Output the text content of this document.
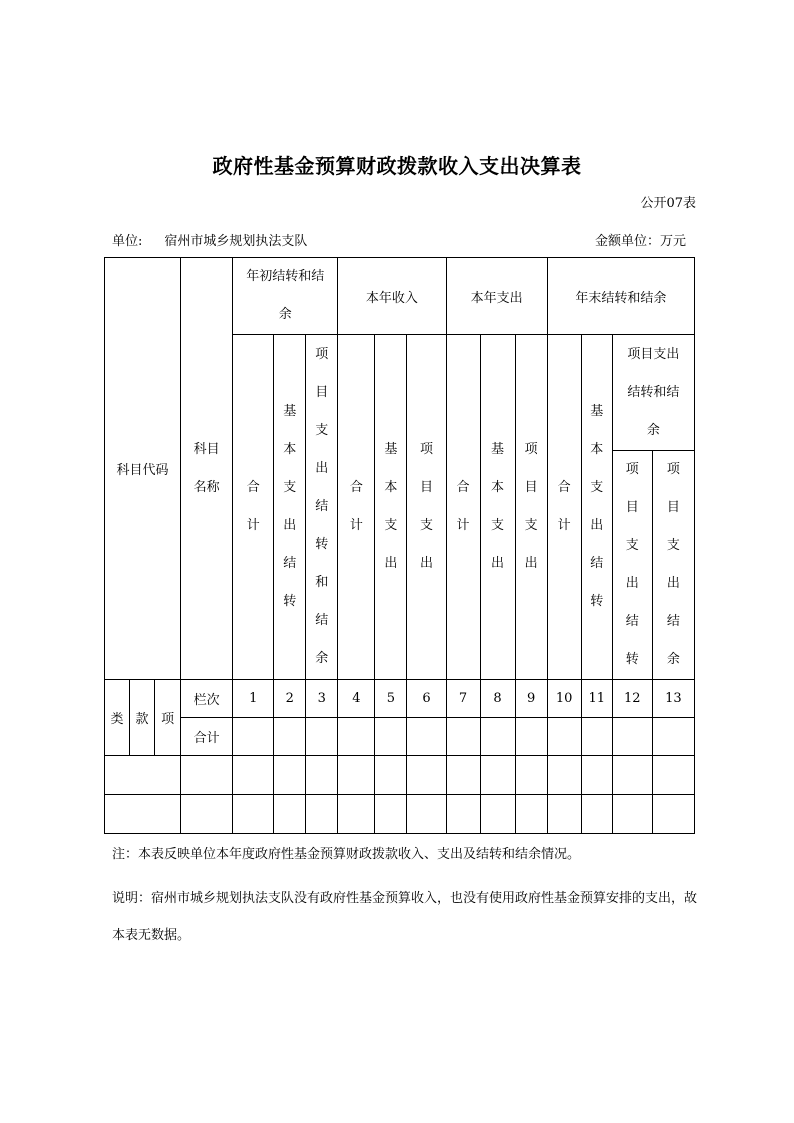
政府性基金预算财政拨款收入支出决算表
公开07表
单位: 宿州市城乡规划执法支队	金额单位：万元
科目代码			科目名称	年初结转和结余			本年收入			本年支出			年末结转和结余			
				合计	基本支出结转	项目支出结转和结余	合计	基本支出	项目支出	合计	基本支出	项目支出	合计	基本支出结转	项目支出结转和结余	

															项目支出结转	项目支出结余
类	款	项	栏次	1	2	3	4	5	6	7	8	9	10	11	12	13
			合计													

注：本表反映单位本年度政府性基金预算财政拨款收入、支出及结转和结余情况。
说明：宿州市城乡规划执法支队没有政府性基金预算收入，也没有使用政府性基金预算安排的支出，故本表无数据。
